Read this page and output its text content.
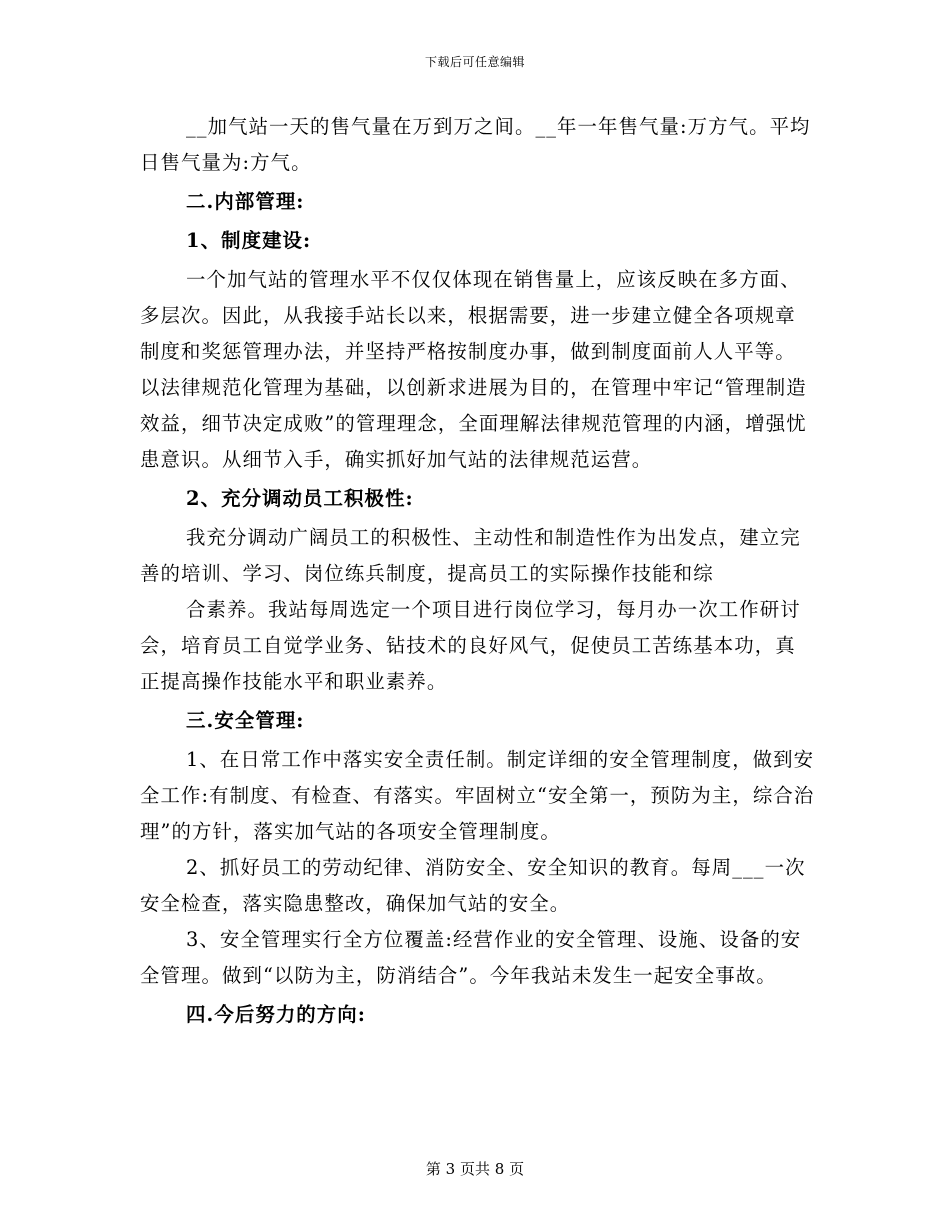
下载后可任意编辑

__加气站一天的售气量在万到万之间。__年一年售气量:万方气。平均日售气量为:方气。

二.内部管理:

1、制度建设:

一个加气站的管理水平不仅仅体现在销售量上，应该反映在多方面、多层次。因此，从我接手站长以来，根据需要，进一步建立健全各项规章制度和奖惩管理办法，并坚持严格按制度办事，做到制度面前人人平等。以法律规范化管理为基础，以创新求进展为目的，在管理中牢记“管理制造效益，细节决定成败”的管理理念，全面理解法律规范管理的内涵，增强忧患意识。从细节入手，确实抓好加气站的法律规范运营。

2、充分调动员工积极性:

我充分调动广阔员工的积极性、主动性和制造性作为出发点，建立完善的培训、学习、岗位练兵制度，提高员工的实际操作技能和综

合素养。我站每周选定一个项目进行岗位学习，每月办一次工作研讨会，培育员工自觉学业务、钻技术的良好风气，促使员工苦练基本功，真正提高操作技能水平和职业素养。

三.安全管理:

1、在日常工作中落实安全责任制。制定详细的安全管理制度，做到安全工作:有制度、有检查、有落实。牢固树立“安全第一，预防为主，综合治理”的方针，落实加气站的各项安全管理制度。

2、抓好员工的劳动纪律、消防安全、安全知识的教育。每周___一次安全检查，落实隐患整改，确保加气站的安全。

3、安全管理实行全方位覆盖:经营作业的安全管理、设施、设备的安全管理。做到“以防为主，防消结合”。今年我站未发生一起安全事故。

四.今后努力的方向:

第 3 页共 8 页
